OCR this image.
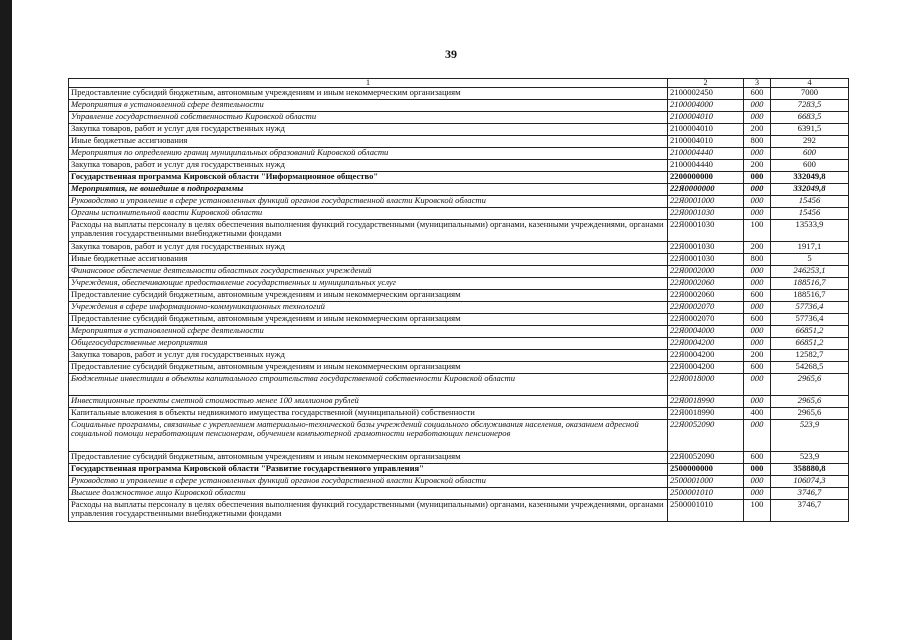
39
1	2	3	4
Предоставление субсидий бюджетным, автономным учреждениям и иным некоммерческим организациям	2100002450	600	7000
Мероприятия в установленной сфере деятельности	2100004000	000	7283,5
Управление государственной собственностью Кировской области	2100004010	000	6683,5
Закупка товаров, работ и услуг для государственных нужд	2100004010	200	6391,5
Иные бюджетные ассигнования	2100004010	800	292
Мероприятия по определению границ муниципальных образований Кировской области	2100004440	000	600
Закупка товаров, работ и услуг для государственных нужд	2100004440	200	600
Государственная программа Кировской области "Информационное общество"	2200000000	000	332049,8
Мероприятия, не вошедшие в подпрограммы	22Я0000000	000	332049,8
Руководство и управление в сфере установленных функций органов государственной власти Кировской области	22Я0001000	000	15456
Органы исполнительной власти Кировской области	22Я0001030	000	15456
Расходы на выплаты персоналу в целях обеспечения выполнения функций государственными (муниципальными) органами, казенными учреждениями, органами управления государственными внебюджетными фондами	22Я0001030	100	13533,9
Закупка товаров, работ и услуг для государственных нужд	22Я0001030	200	1917,1
Иные бюджетные ассигнования	22Я0001030	800	5
Финансовое обеспечение деятельности областных государственных учреждений	22Я0002000	000	246253,1
Учреждения, обеспечивающие предоставление государственных и муниципальных услуг	22Я0002060	000	188516,7
Предоставление субсидий бюджетным, автономным учреждениям и иным некоммерческим организациям	22Я0002060	600	188516,7
Учреждения в сфере информационно-коммуникационных технологий	22Я0002070	000	57736,4
Предоставление субсидий бюджетным, автономным учреждениям и иным некоммерческим организациям	22Я0002070	600	57736,4
Мероприятия в установленной сфере деятельности	22Я0004000	000	66851,2
Общегосударственные мероприятия	22Я0004200	000	66851,2
Закупка товаров, работ и услуг для государственных нужд	22Я0004200	200	12582,7
Предоставление субсидий бюджетным, автономным учреждениям и иным некоммерческим организациям	22Я0004200	600	54268,5
Бюджетные инвестиции в объекты капитального строительства государственной собственности Кировской области	22Я0018000	000	2965,6
Инвестиционные проекты сметной стоимостью менее 100 миллионов рублей	22Я0018990	000	2965,6
Капитальные вложения в объекты недвижимого имущества государственной (муниципальной) собственности	22Я0018990	400	2965,6
Социальные программы, связанные с укреплением материально-технической базы учреждений социального обслуживания населения, оказанием адресной социальной помощи неработающим пенсионерам, обучением компьютерной грамотности неработающих пенсионеров	22Я0052090	000	523,9
Предоставление субсидий бюджетным, автономным учреждениям и иным некоммерческим организациям	22Я0052090	600	523,9
Государственная программа Кировской области "Развитие государственного управления"	2500000000	000	358880,8
Руководство и управление в сфере установленных функций органов государственной власти Кировской области	2500001000	000	106074,3
Высшее должностное лицо Кировской области	2500001010	000	3746,7
Расходы на выплаты персоналу в целях обеспечения выполнения функций государственными (муниципальными) органами, казенными учреждениями, органами управления государственными внебюджетными фондами	2500001010	100	3746,7
